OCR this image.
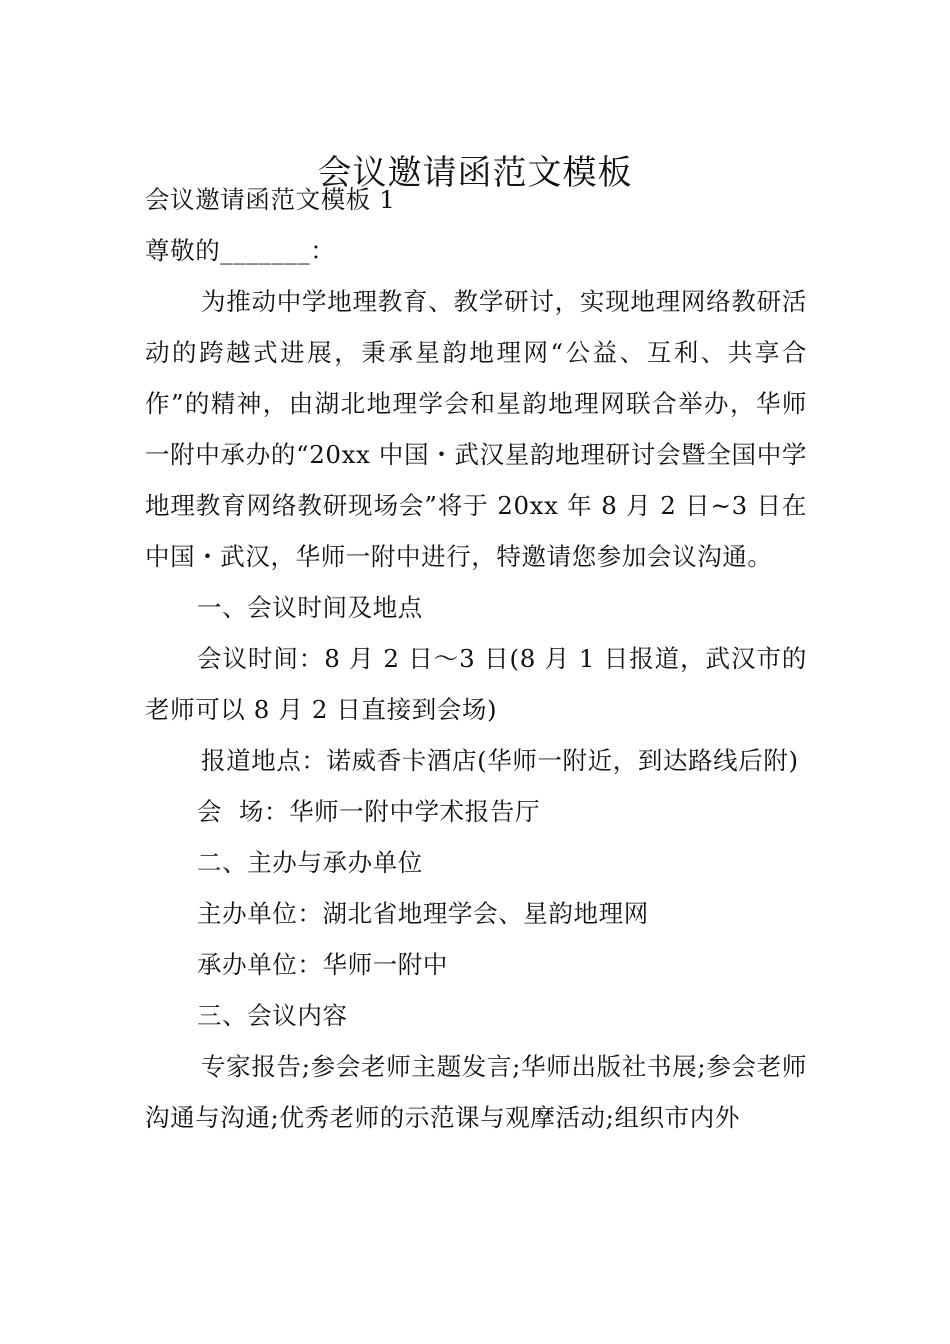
会议邀请函范文模板

会议邀请函范文模板 1

尊敬的_______：

为推动中学地理教育、教学研讨，实现地理网络教研活动的跨越式进展，秉承星韵地理网“公益、互利、共享合作”的精神，由湖北地理学会和星韵地理网联合举办，华师一附中承办的“20xx 中国・武汉星韵地理研讨会暨全国中学地理教育网络教研现场会”将于 20xx 年 8 月 2 日~3 日在中国・武汉，华师一附中进行，特邀请您参加会议沟通。

一、会议时间及地点

会议时间：8 月 2 日～3 日(8 月 1 日报道，武汉市的老师可以 8 月 2 日直接到会场)

报道地点：诺威香卡酒店(华师一附近，到达路线后附)

会  场：华师一附中学术报告厅

二、主办与承办单位

主办单位：湖北省地理学会、星韵地理网

承办单位：华师一附中

三、会议内容

专家报告;参会老师主题发言;华师出版社书展;参会老师沟通与沟通;优秀老师的示范课与观摩活动;组织市内外
